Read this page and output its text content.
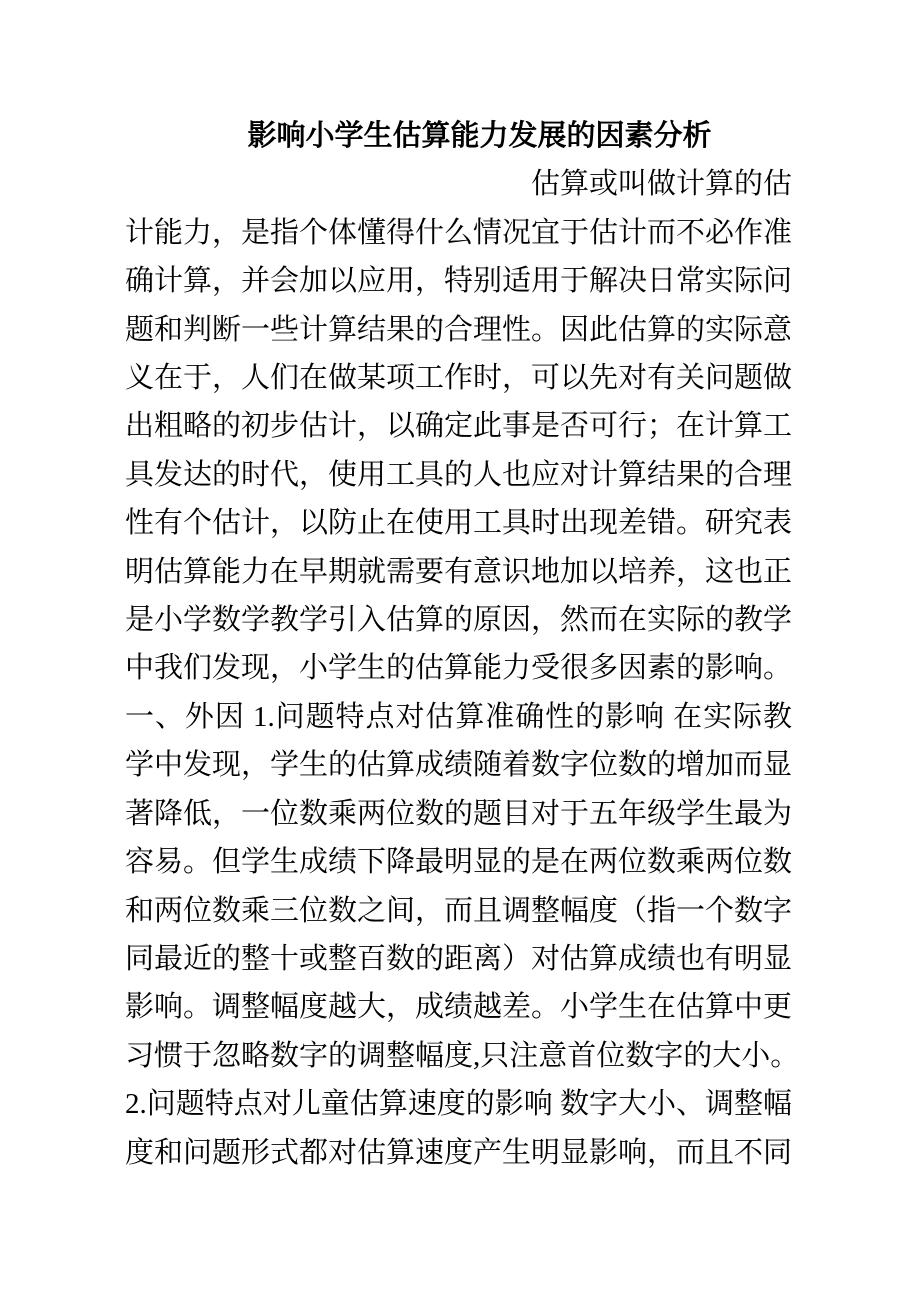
影响小学生估算能力发展的因素分析
估算或叫做计算的估
计能力，是指个体懂得什么情况宜于估计而不必作准
确计算，并会加以应用，特别适用于解决日常实际问
题和判断一些计算结果的合理性。因此估算的实际意
义在于，人们在做某项工作时，可以先对有关问题做
出粗略的初步估计，以确定此事是否可行；在计算工
具发达的时代，使用工具的人也应对计算结果的合理
性有个估计，以防止在使用工具时出现差错。研究表
明估算能力在早期就需要有意识地加以培养，这也正
是小学数学教学引入估算的原因，然而在实际的教学
中我们发现，小学生的估算能力受很多因素的影响。
一、外因 1.问题特点对估算准确性的影响 在实际教
学中发现，学生的估算成绩随着数字位数的增加而显
著降低，一位数乘两位数的题目对于五年级学生最为
容易。但学生成绩下降最明显的是在两位数乘两位数
和两位数乘三位数之间，而且调整幅度（指一个数字
同最近的整十或整百数的距离）对估算成绩也有明显
影响。调整幅度越大，成绩越差。小学生在估算中更
习惯于忽略数字的调整幅度,只注意首位数字的大小。
2.问题特点对儿童估算速度的影响 数字大小、调整幅
度和问题形式都对估算速度产生明显影响，而且不同
